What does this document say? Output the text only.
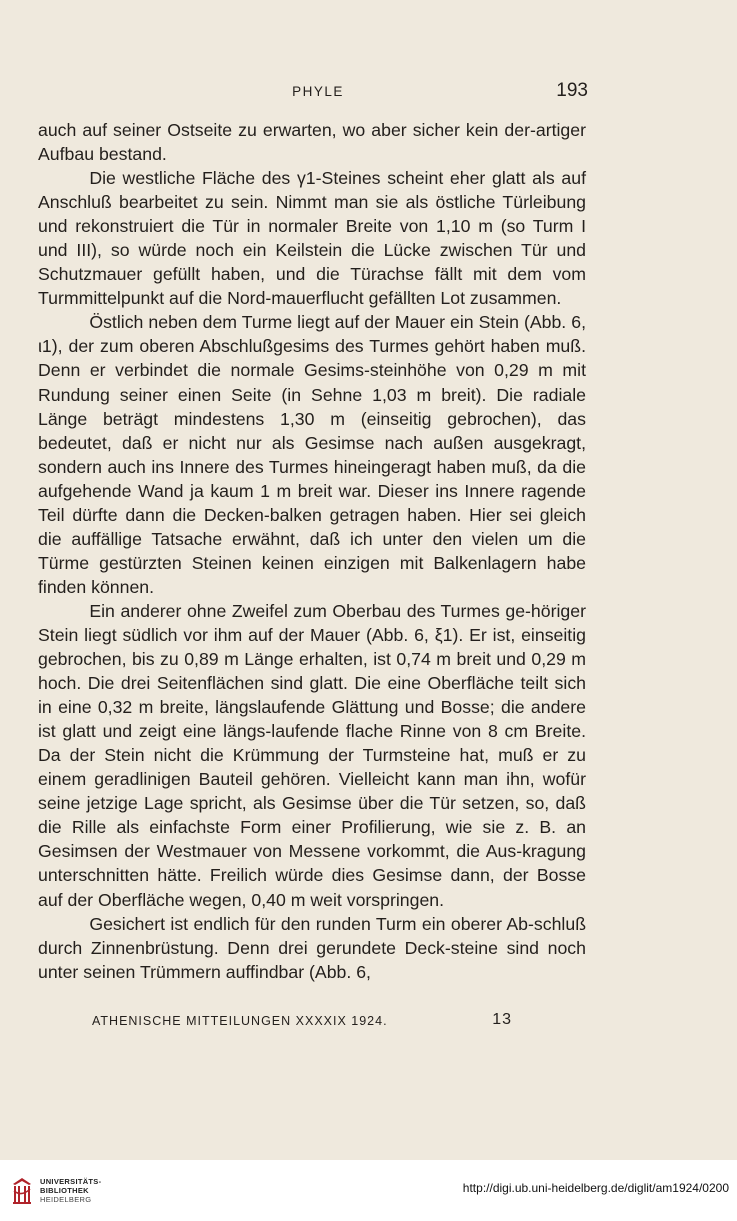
PHYLE	193

auch auf seiner Ostseite zu erwarten, wo aber sicher kein der-artiger Aufbau bestand.

Die westliche Fläche des γ1-Steines scheint eher glatt als auf Anschluß bearbeitet zu sein. Nimmt man sie als östliche Türleibung und rekonstruiert die Tür in normaler Breite von 1,10 m (so Turm I und III), so würde noch ein Keilstein die Lücke zwischen Tür und Schutzmauer gefüllt haben, und die Türachse fällt mit dem vom Turmmittelpunkt auf die Nord-mauerflucht gefällten Lot zusammen.

Östlich neben dem Turme liegt auf der Mauer ein Stein (Abb. 6, ι1), der zum oberen Abschlußgesims des Turmes gehört haben muß. Denn er verbindet die normale Gesims-steinhöhe von 0,29 m mit Rundung seiner einen Seite (in Sehne 1,03 m breit). Die radiale Länge beträgt mindestens 1,30 m (einseitig gebrochen), das bedeutet, daß er nicht nur als Gesimse nach außen ausgekragt, sondern auch ins Innere des Turmes hineingeragt haben muß, da die aufgehende Wand ja kaum 1 m breit war. Dieser ins Innere ragende Teil dürfte dann die Decken-balken getragen haben. Hier sei gleich die auffällige Tatsache erwähnt, daß ich unter den vielen um die Türme gestürzten Steinen keinen einzigen mit Balkenlagern habe finden können.

Ein anderer ohne Zweifel zum Oberbau des Turmes ge-höriger Stein liegt südlich vor ihm auf der Mauer (Abb. 6, ξ1). Er ist, einseitig gebrochen, bis zu 0,89 m Länge erhalten, ist 0,74 m breit und 0,29 m hoch. Die drei Seitenflächen sind glatt. Die eine Oberfläche teilt sich in eine 0,32 m breite, längslaufende Glättung und Bosse; die andere ist glatt und zeigt eine längs-laufende flache Rinne von 8 cm Breite. Da der Stein nicht die Krümmung der Turmsteine hat, muß er zu einem geradlinigen Bauteil gehören. Vielleicht kann man ihn, wofür seine jetzige Lage spricht, als Gesimse über die Tür setzen, so, daß die Rille als einfachste Form einer Profilierung, wie sie z. B. an Gesimsen der Westmauer von Messene vorkommt, die Aus-kragung unterschnitten hätte. Freilich würde dies Gesimse dann, der Bosse auf der Oberfläche wegen, 0,40 m weit vorspringen.

Gesichert ist endlich für den runden Turm ein oberer Ab-schluß durch Zinnenbrüstung. Denn drei gerundete Deck-steine sind noch unter seinen Trümmern auffindbar (Abb. 6,

ATHENISCHE MITTEILUNGEN XXXXIX 1924.	13
UNIVERSITÄTS-
BIBLIOTHEK
HEIDELBERG
http://digi.ub.uni-heidelberg.de/diglit/am1924/0200
